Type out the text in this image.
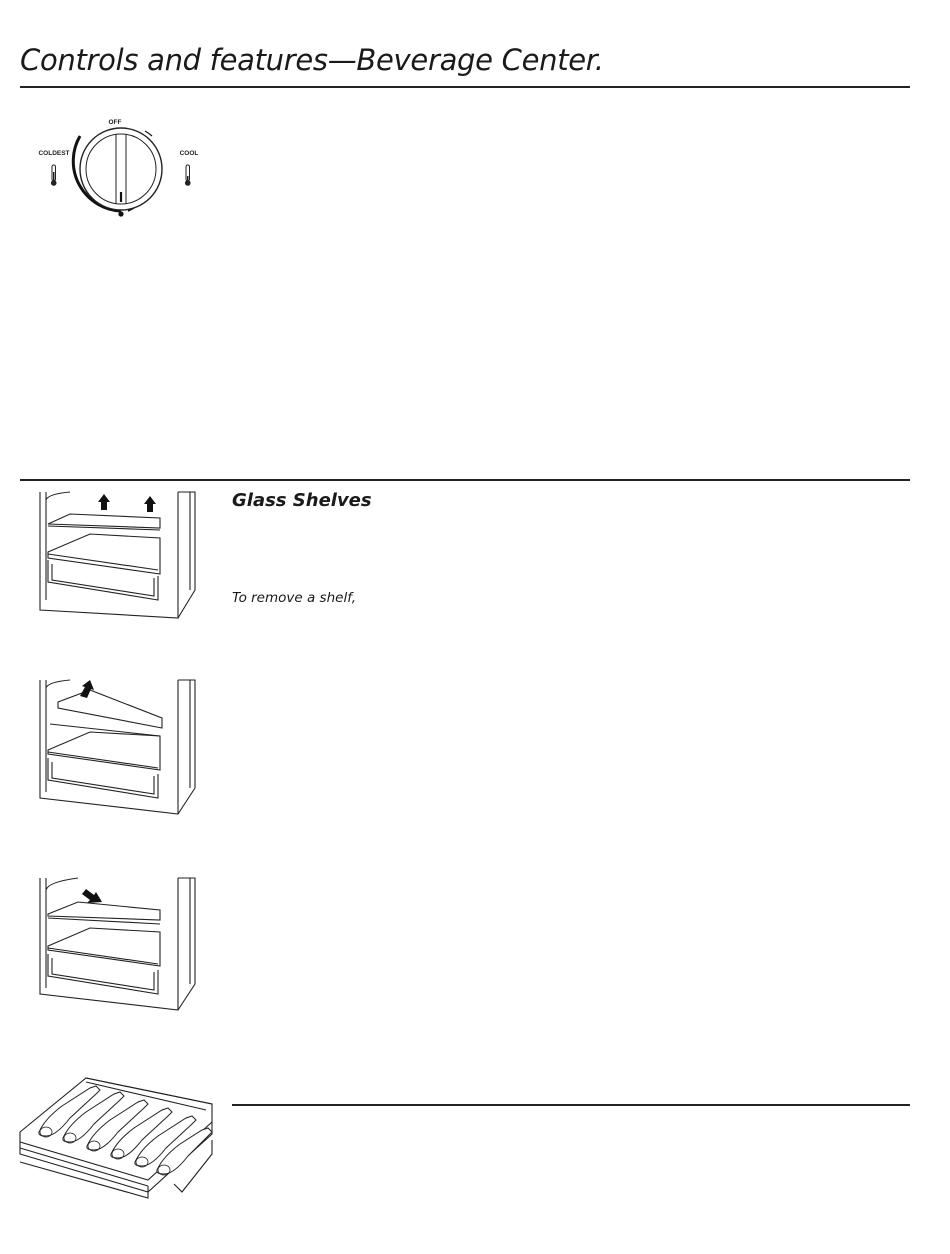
Controls and features—Beverage Center.
OFF
COLDEST	COOL
Glass Shelves

To remove a shelf,
